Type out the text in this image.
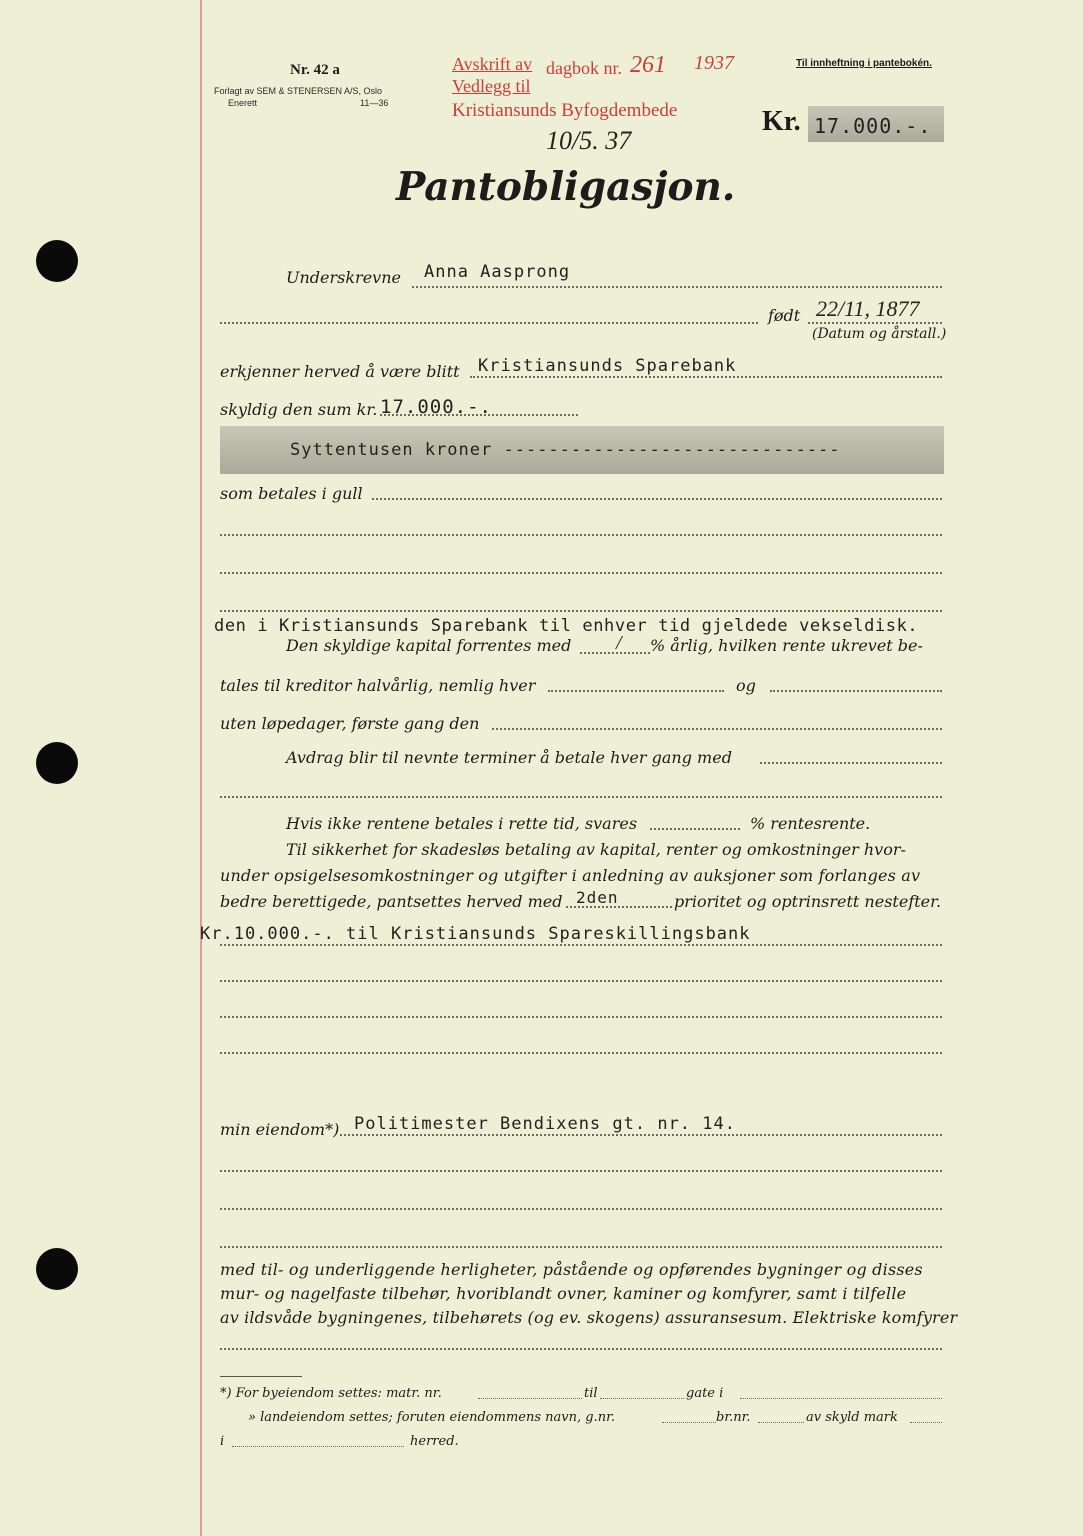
Nr. 42 a
Forlagt av SEM & STENERSEN A/S, Oslo
Enerett	11—36
Avskrift av dagbok nr.
Vedlegg til
261 1937
Kristiansunds Byfogdembede
10/5. 37
Til innheftning i pantebokén.
Kr. 17.000.-.
Pantobligasjon.
Underskrevne Anna Aasprong
født 22/11, 1877
(Datum og årstall.)
erkjenner herved å være blitt Kristiansunds Sparebank
skyldig den sum kr. 17.000.-.
Syttentusen kroner ------------------------------
som betales i gull
den i Kristiansunds Sparebank til enhver tid gjeldede vekseldisk.
Den skyldige kapital forrentes med / % årlig, hvilken rente ukrevet be-
tales til kreditor halvårlig, nemlig hver	og
uten løpedager, første gang den
Avdrag blir til nevnte terminer å betale hver gang med
Hvis ikke rentene betales i rette tid, svares	% rentesrente.
Til sikkerhet for skadesløs betaling av kapital, renter og omkostninger hvor-
under opsigelsesomkostninger og utgifter i anledning av auksjoner som forlanges av
bedre berettigede, pantsettes herved med 2den	prioritet og optrinsrett nestefter.
Kr.10.000.-. til Kristiansunds Spareskillingsbank
min eiendom*) Politimester Bendixens gt. nr. 14.
med til- og underliggende herligheter, påstående og opførendes bygninger og disses
mur- og nagelfaste tilbehør, hvoriblandt ovner, kaminer og komfyrer, samt i tilfelle
av ildsvåde bygningenes, tilbehørets (og ev. skogens) assuransesum. Elektriske komfyrer
*) For byeiendom settes: matr. nr.	til	gate i
» landeiendom settes; foruten eiendommens navn, g.nr.	br.nr.	av skyld mark
i	herred.
